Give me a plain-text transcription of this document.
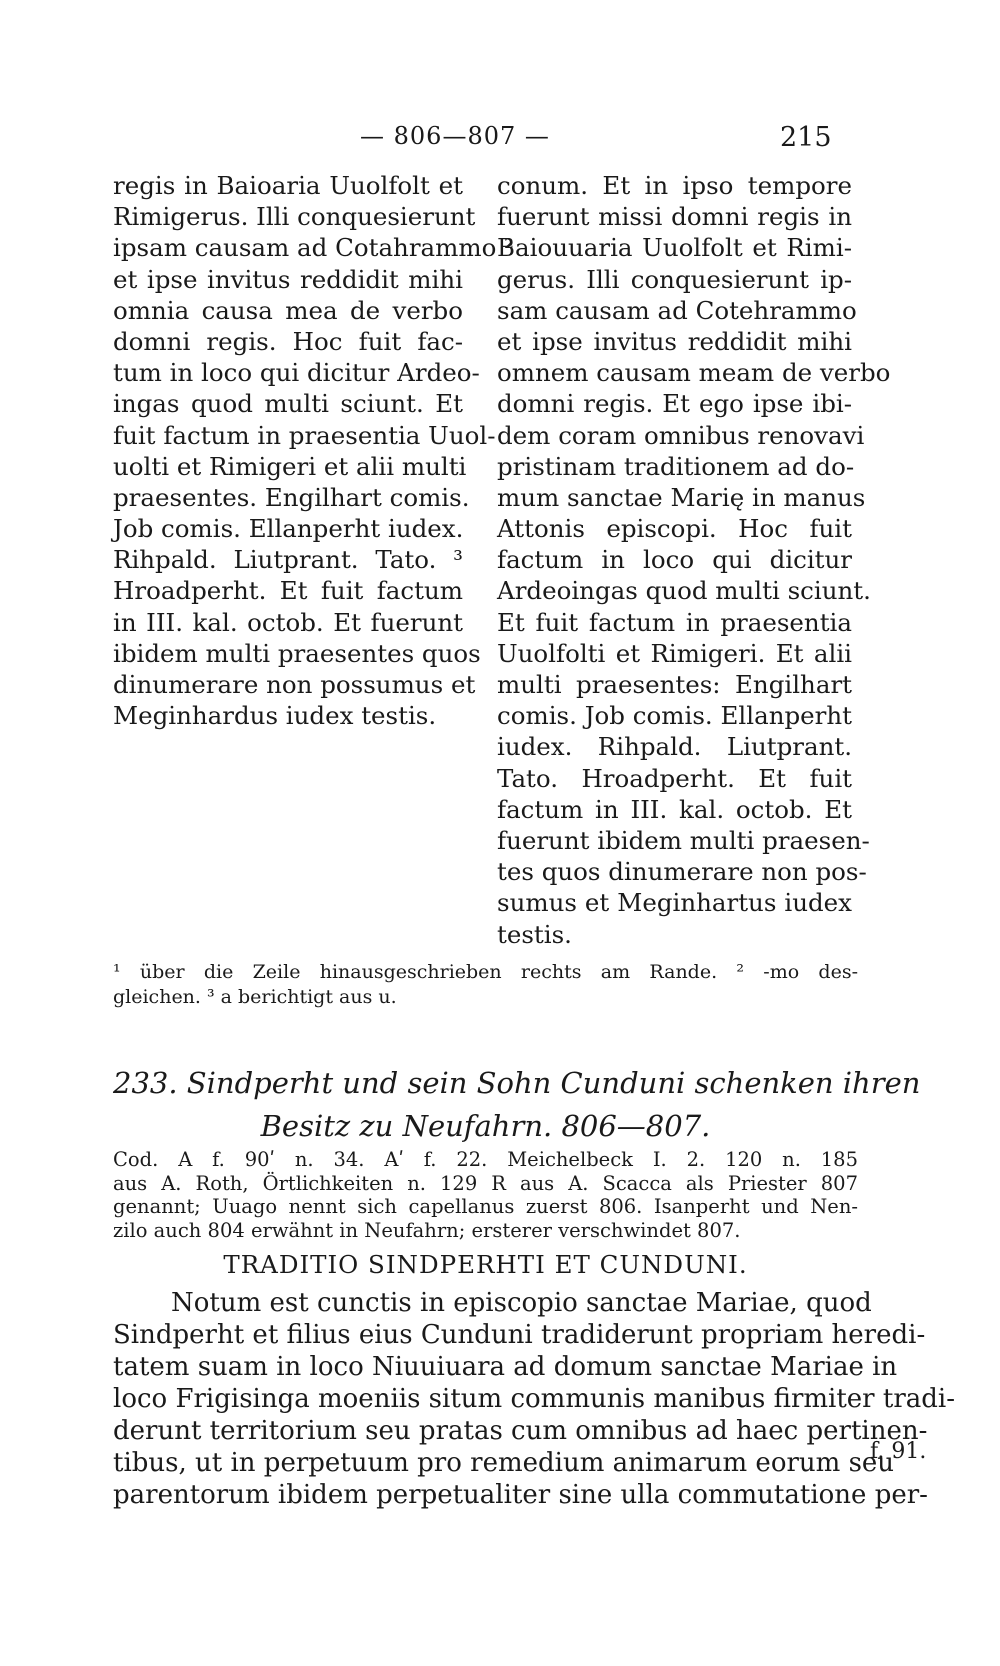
— 806—807 —	215
regis in Baioaria Uuolfolt et
Rimigerus. Illi conquesierunt
ipsam causam ad Cotahrammo ²
et ipse invitus reddidit mihi
omnia causa mea de verbo
domni regis. Hoc fuit fac-
tum in loco qui dicitur Ardeo-
ingas quod multi sciunt. Et
fuit factum in praesentia Uuol-
uolti et Rimigeri et alii multi
praesentes. Engilhart comis.
Job comis. Ellanperht iudex.
Rihpald. Liutprant. Tato. ³
Hroadperht. Et fuit factum
in III. kal. octob. Et fuerunt
ibidem multi praesentes quos
dinumerare non possumus et
Meginhardus iudex testis.
conum. Et in ipso tempore
fuerunt missi domni regis in
Baiouuaria Uuolfolt et Rimi-
gerus. Illi conquesierunt ip-
sam causam ad Cotehrammo
et ipse invitus reddidit mihi
omnem causam meam de verbo
domni regis. Et ego ipse ibi-
dem coram omnibus renovavi
pristinam traditionem ad do-
mum sanctae Marię in manus
Attonis episcopi. Hoc fuit
factum in loco qui dicitur
Ardeoingas quod multi sciunt.
Et fuit factum in praesentia
Uuolfolti et Rimigeri. Et alii
multi praesentes: Engilhart
comis. Job comis. Ellanperht
iudex. Rihpald. Liutprant.
Tato. Hroadperht. Et fuit
factum in III. kal. octob. Et
fuerunt ibidem multi praesen-
tes quos dinumerare non pos-
sumus et Meginhartus iudex
testis.
¹ über die Zeile hinausgeschrieben rechts am Rande. ² -mo des-
gleichen. ³ a berichtigt aus u.
233. Sindperht und sein Sohn Cunduni schenken ihren
Besitz zu Neufahrn. 806—807.
Cod. A f. 90ʹ n. 34. Aʹ f. 22. Meichelbeck I. 2. 120 n. 185
aus A. Roth, Örtlichkeiten n. 129 R aus A. Scacca als Priester 807
genannt; Uuago nennt sich capellanus zuerst 806. Isanperht und Nen-
zilo auch 804 erwähnt in Neufahrn; ersterer verschwindet 807.
TRADITIO SINDPERHTI ET CUNDUNI.
Notum est cunctis in episcopio sanctae Mariae, quod
Sindperht et filius eius Cunduni tradiderunt propriam heredi-
tatem suam in loco Niuuiuara ad domum sanctae Mariae in
loco Frigisinga moeniis situm communis manibus firmiter tradi-
derunt territorium seu pratas cum omnibus ad haec pertinen-
tibus, ut in perpetuum pro remedium animarum eorum seu
parentorum ibidem perpetualiter sine ulla commutatione per-
f. 91.
